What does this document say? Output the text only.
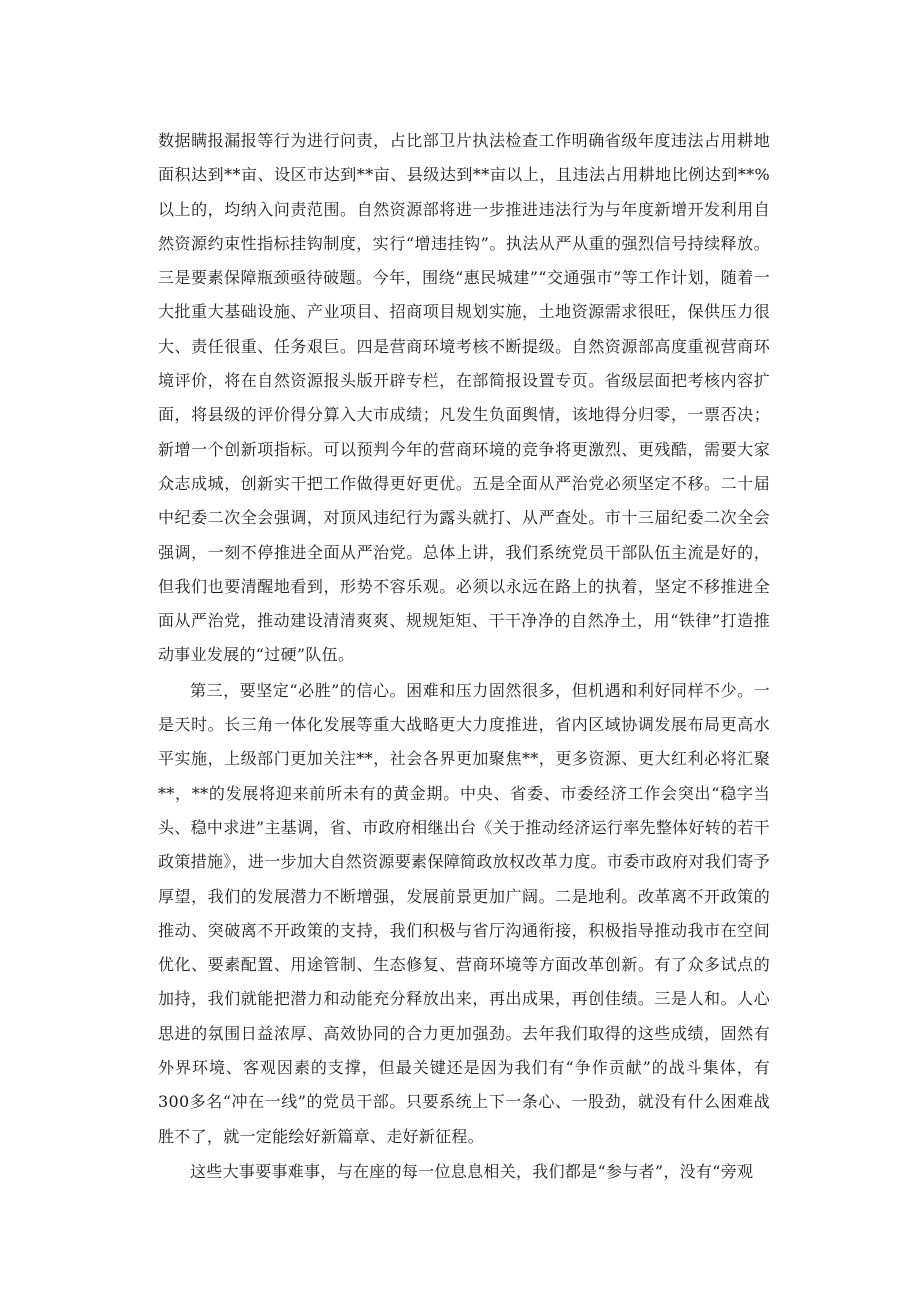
数据瞒报漏报等行为进行问责，占比部卫片执法检查工作明确省级年度违法占用耕地面积达到**亩、设区市达到**亩、县级达到**亩以上，且违法占用耕地比例达到**%以上的，均纳入问责范围。自然资源部将进一步推进违法行为与年度新增开发利用自然资源约束性指标挂钩制度，实行“增违挂钩”。执法从严从重的强烈信号持续释放。三是要素保障瓶颈亟待破题。今年，围绕“惠民城建”“交通强市”等工作计划，随着一大批重大基础设施、产业项目、招商项目规划实施，土地资源需求很旺，保供压力很大、责任很重、任务艰巨。四是营商环境考核不断提级。自然资源部高度重视营商环境评价，将在自然资源报头版开辟专栏，在部简报设置专页。省级层面把考核内容扩面，将县级的评价得分算入大市成绩；凡发生负面舆情，该地得分归零，一票否决；新增一个创新项指标。可以预判今年的营商环境的竞争将更激烈、更残酷，需要大家众志成城，创新实干把工作做得更好更优。五是全面从严治党必须坚定不移。二十届中纪委二次全会强调，对顶风违纪行为露头就打、从严查处。市十三届纪委二次全会强调，一刻不停推进全面从严治党。总体上讲，我们系统党员干部队伍主流是好的，但我们也要清醒地看到，形势不容乐观。必须以永远在路上的执着，坚定不移推进全面从严治党，推动建设清清爽爽、规规矩矩、干干净净的自然净土，用“铁律”打造推动事业发展的“过硬”队伍。

第三，要坚定“必胜”的信心。困难和压力固然很多，但机遇和利好同样不少。一是天时。长三角一体化发展等重大战略更大力度推进，省内区域协调发展布局更高水平实施，上级部门更加关注**，社会各界更加聚焦**，更多资源、更大红利必将汇聚**，**的发展将迎来前所未有的黄金期。中央、省委、市委经济工作会突出“稳字当头、稳中求进”主基调，省、市政府相继出台《关于推动经济运行率先整体好转的若干政策措施》，进一步加大自然资源要素保障简政放权改革力度。市委市政府对我们寄予厚望，我们的发展潜力不断增强，发展前景更加广阔。二是地利。改革离不开政策的推动、突破离不开政策的支持，我们积极与省厅沟通衔接，积极指导推动我市在空间优化、要素配置、用途管制、生态修复、营商环境等方面改革创新。有了众多试点的加持，我们就能把潜力和动能充分释放出来，再出成果，再创佳绩。三是人和。人心思进的氛围日益浓厚、高效协同的合力更加强劲。去年我们取得的这些成绩，固然有外界环境、客观因素的支撑，但最关键还是因为我们有“争作贡献”的战斗集体，有300多名“冲在一线”的党员干部。只要系统上下一条心、一股劲，就没有什么困难战胜不了，就一定能绘好新篇章、走好新征程。

这些大事要事难事，与在座的每一位息息相关，我们都是“参与者”，没有“旁观
